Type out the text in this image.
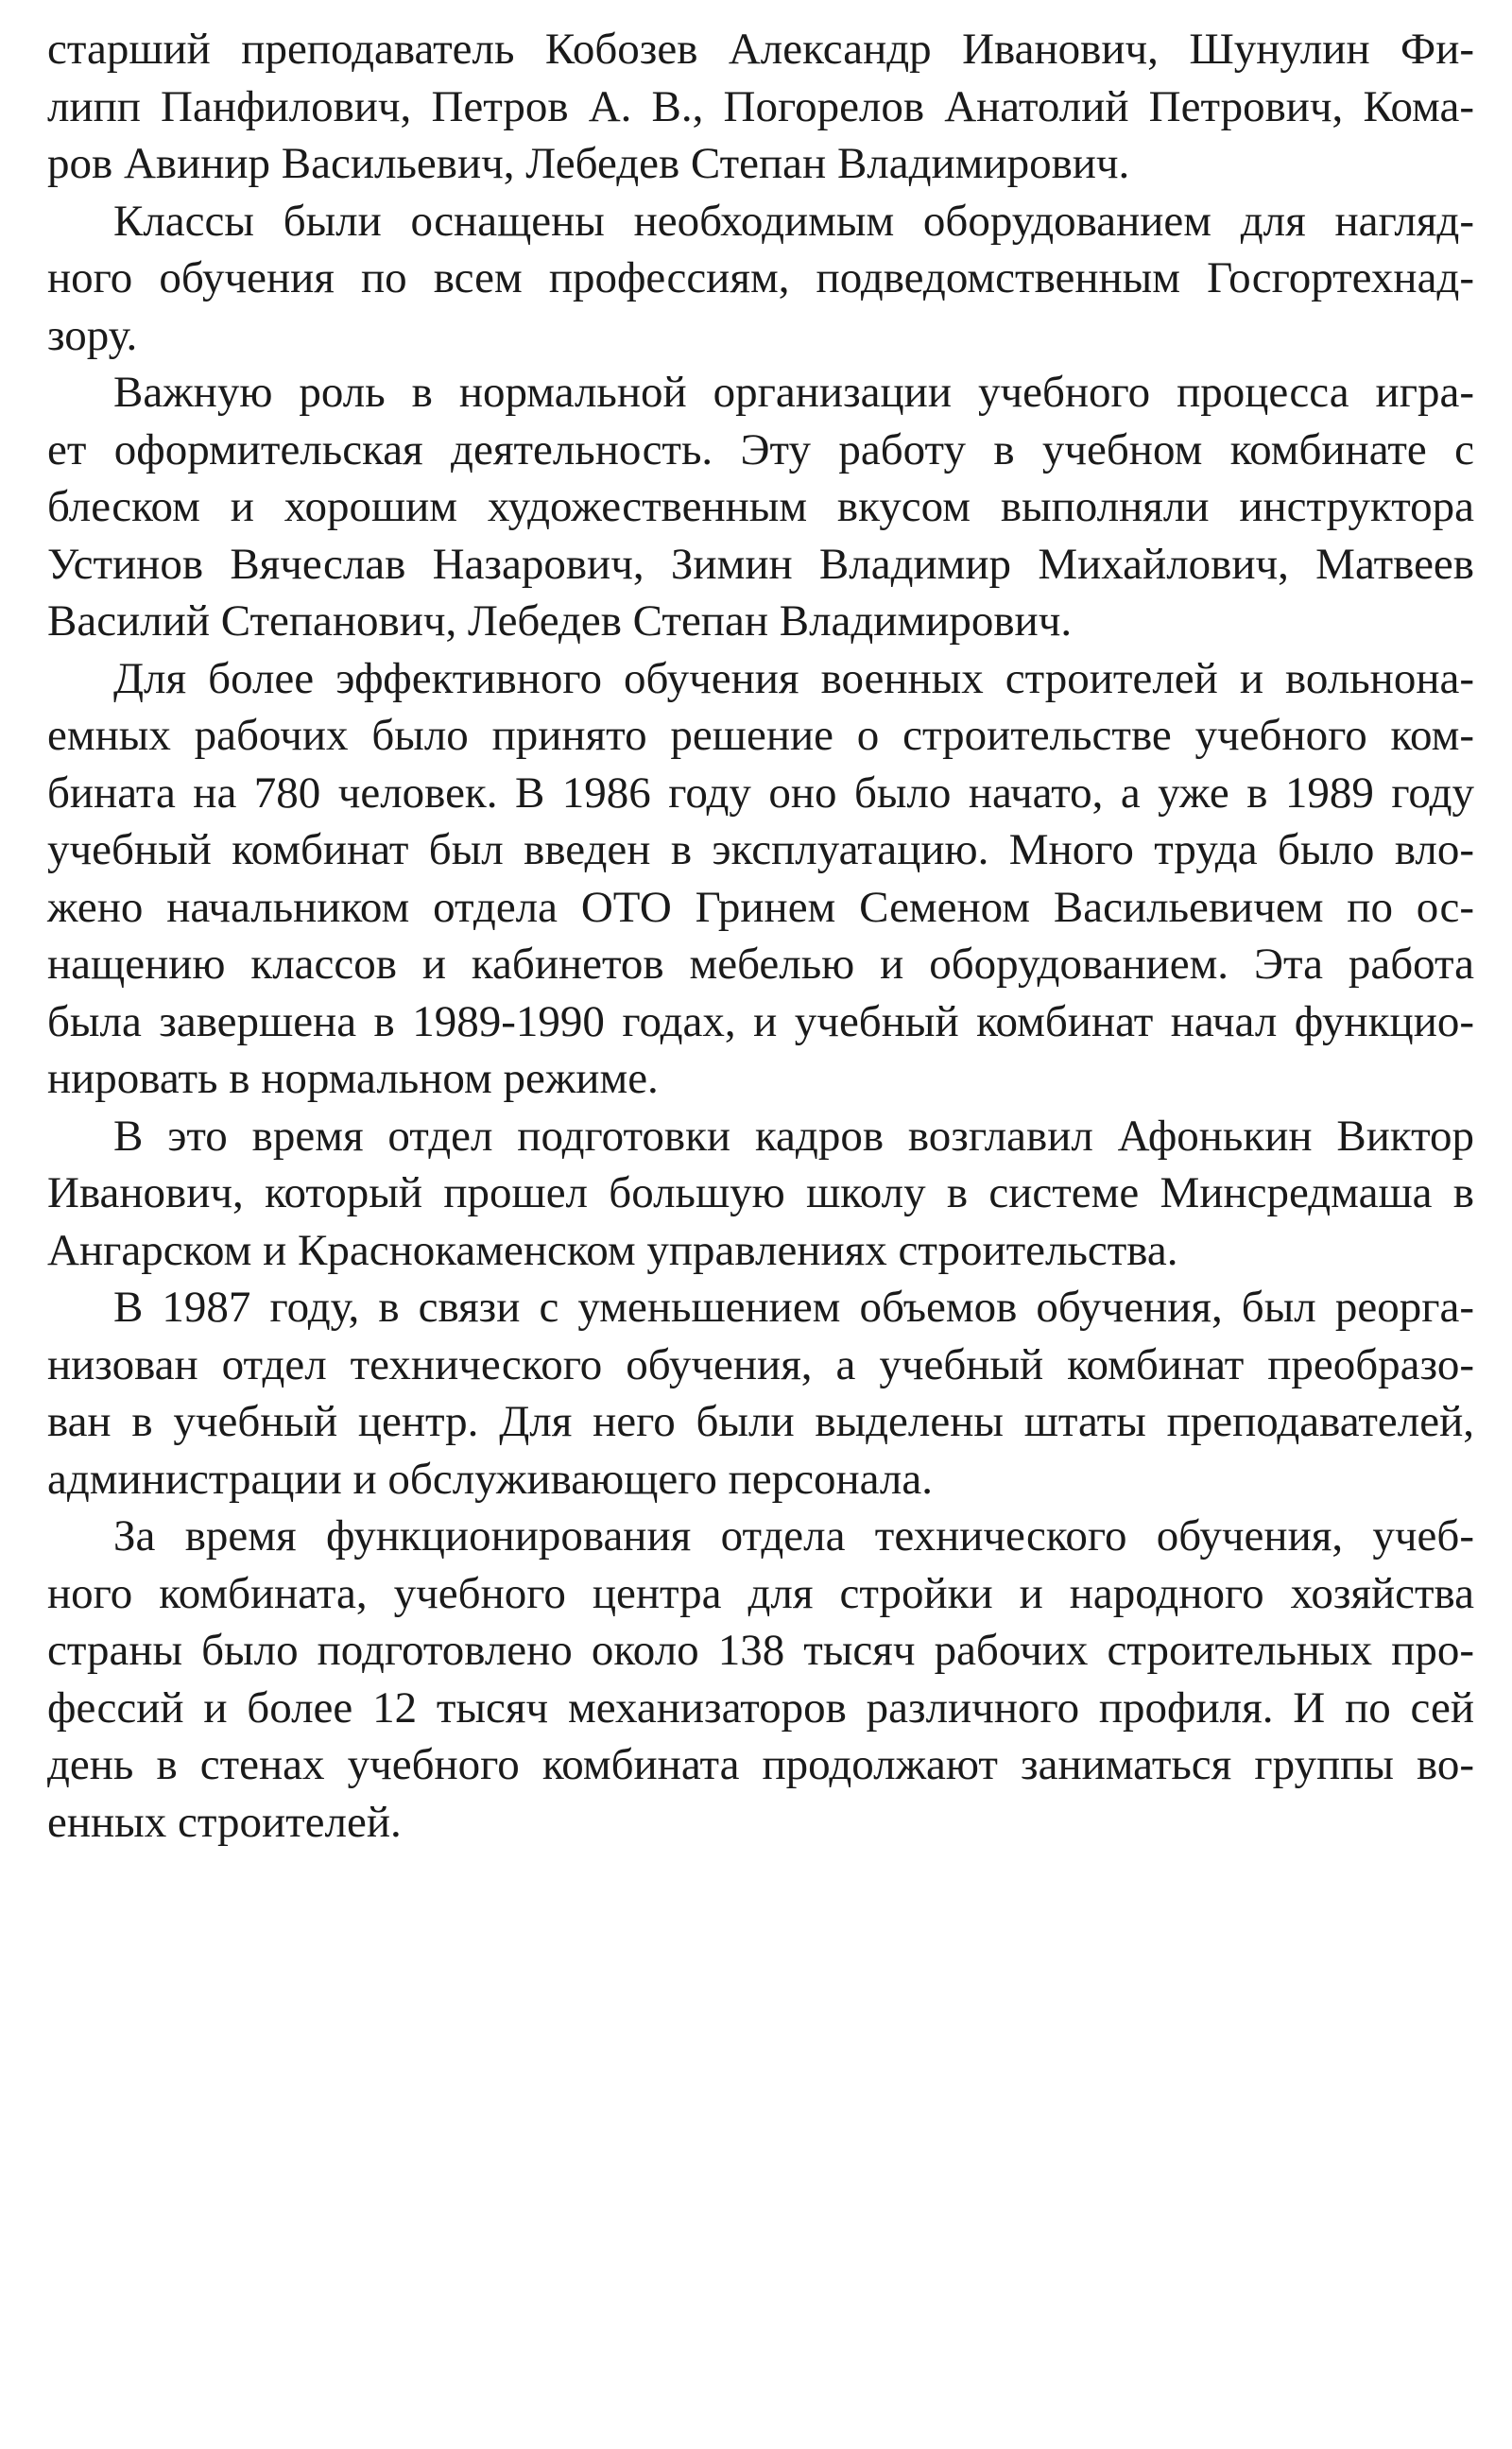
старший преподаватель Кобозев Александр Иванович, Шунулин Фи-
липп Панфилович, Петров А. В., Погорелов Анатолий Петрович, Кома-
ров Авинир Васильевич, Лебедев Степан Владимирович.

Классы были оснащены необходимым оборудованием для нагляд-
ного обучения по всем профессиям, подведомственным Госгортехнад-
зору.

Важную роль в нормальной организации учебного процесса игра-
ет оформительская деятельность. Эту работу в учебном комбинате с
блеском и хорошим художественным вкусом выполняли инструктора
Устинов Вячеслав Назарович, Зимин Владимир Михайлович, Матвеев
Василий Степанович, Лебедев Степан Владимирович.

Для более эффективного обучения военных строителей и вольнона-
емных рабочих было принято решение о строительстве учебного ком-
бината на 780 человек. В 1986 году оно было начато, а уже в 1989 году
учебный комбинат был введен в эксплуатацию. Много труда было вло-
жено начальником отдела ОТО Гринем Семеном Васильевичем по ос-
нащению классов и кабинетов мебелью и оборудованием. Эта работа
была завершена в 1989-1990 годах, и учебный комбинат начал функцио-
нировать в нормальном режиме.

В это время отдел подготовки кадров возглавил Афонькин Виктор
Иванович, который прошел большую школу в системе Минсредмаша в
Ангарском и Краснокаменском управлениях строительства.

В 1987 году, в связи с уменьшением объемов обучения, был реорга-
низован отдел технического обучения, а учебный комбинат преобразо-
ван в учебный центр. Для него были выделены штаты преподавателей,
администрации и обслуживающего персонала.

За время функционирования отдела технического обучения, учеб-
ного комбината, учебного центра для стройки и народного хозяйства
страны было подготовлено около 138 тысяч рабочих строительных про-
фессий и более 12 тысяч механизаторов различного профиля. И по сей
день в стенах учебного комбината продолжают заниматься группы во-
енных строителей.
